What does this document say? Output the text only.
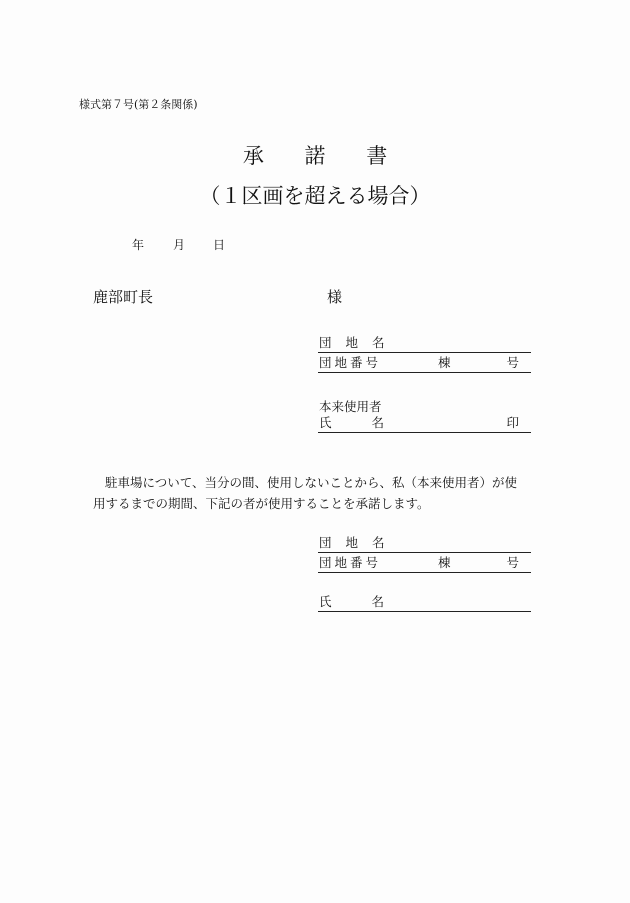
様式第７号(第２条関係)
承 諾 書
（１区画を超える場合）
年 月 日
鹿部町長	様
団 地 名
団地番号	棟	号
本来使用者
氏	名	印

駐車場について、当分の間、使用しないことから、私（本来使用者）が使

用するまでの期間、下記の者が使用することを承諾します。

団 地 名
団地番号	棟	号
氏	名
